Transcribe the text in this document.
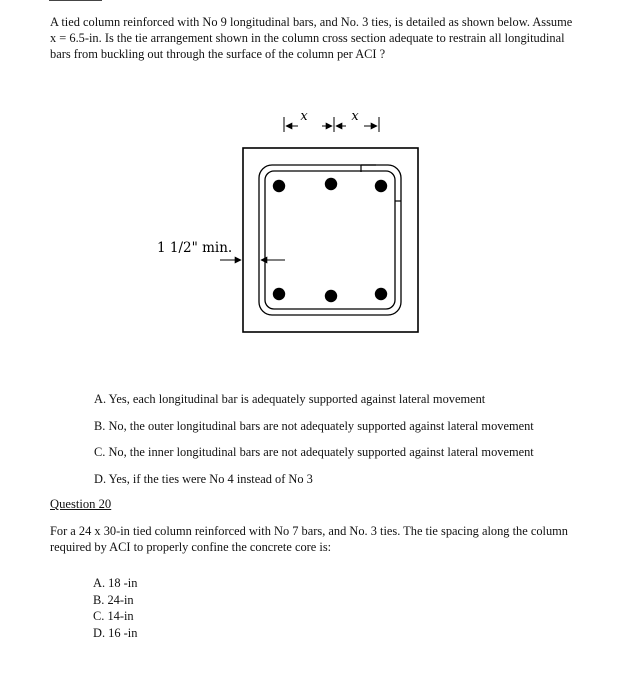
A tied column reinforced with No 9 longitudinal bars, and No. 3 ties, is detailed as shown below. Assume x = 6.5-in. Is the tie arrangement shown in the column cross section adequate to restrain all longitudinal bars from buckling out through the surface of the column per ACI ?

x	x
1 1/2" min.
A. Yes, each longitudinal bar is adequately supported against lateral movement
B. No, the outer longitudinal bars are not adequately supported against lateral movement
C. No, the inner longitudinal bars are not adequately supported against lateral movement
D. Yes, if the ties were No 4 instead of No 3
Question 20

For a 24 x 30-in tied column reinforced with No 7 bars, and No. 3 ties. The tie spacing along the column required by ACI to properly confine the concrete core is:

A. 18 -in
B. 24-in
C. 14-in
D. 16 -in
